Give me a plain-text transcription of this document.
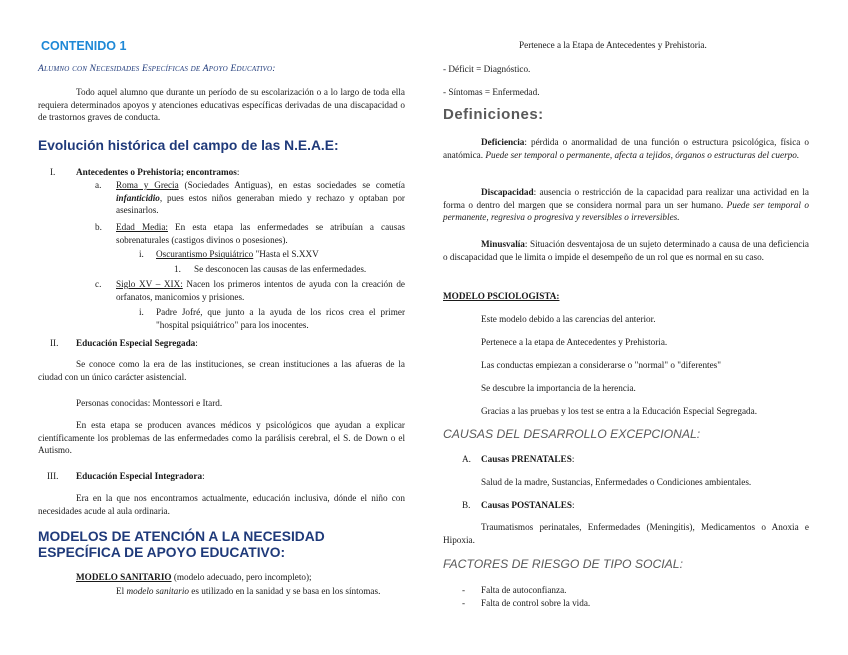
CONTENIDO 1
Alumno con Necesidades Específicas de Apoyo Educativo:

Todo aquel alumno que durante un período de su escolarización o a lo largo de toda ella requiera determinados apoyos y atenciones educativas específicas derivadas de una discapacidad o de trastornos graves de conducta.

Evolución histórica del campo de las N.E.A.E:
I. Antecedentes o Prehistoria; encontramos:
a. Roma y Grecia (Sociedades Antiguas), en estas sociedades se cometía infanticidio, pues estos niños generaban miedo y rechazo y optaban por asesinarlos.

b. Edad Media: En esta etapa las enfermedades se atribuían a causas sobrenaturales (castigos divinos o posesiones).

i. Oscurantismo Psiquiátrico "Hasta el S.XXV

1. Se desconocen las causas de las enfermedades.

c. Siglo XV – XIX: Nacen los primeros intentos de ayuda con la creación de orfanatos, manicomios y prisiones.

i. Padre Jofré, que junto a la ayuda de los ricos crea el primer "hospital psiquiátrico" para los inocentes.

II. Educación Especial Segregada:

Se conoce como la era de las instituciones, se crean instituciones a las afueras de la ciudad con un único carácter asistencial.

Personas conocidas: Montessori e Itard.

En esta etapa se producen avances médicos y psicológicos que ayudan a explicar científicamente los problemas de las enfermedades como la parálisis cerebral, el S. de Down o el Autismo.

III. Educación Especial Integradora:

Era en la que nos encontramos actualmente, educación inclusiva, dónde el niño con necesidades acude al aula ordinaria.

MODELOS DE ATENCIÓN A LA NECESIDAD ESPECÍFICA DE APOYO EDUCATIVO:

MODELO SANITARIO (modelo adecuado, pero incompleto);

El modelo sanitario es utilizado en la sanidad y se basa en los síntomas.

Pertenece a la Etapa de Antecedentes y Prehistoria.

- Déficit = Diagnóstico.

- Síntomas = Enfermedad.

Definiciones:

Deficiencia: pérdida o anormalidad de una función o estructura psicológica, física o anatómica. Puede ser temporal o permanente, afecta a tejidos, órganos o estructuras del cuerpo.

Discapacidad: ausencia o restricción de la capacidad para realizar una actividad en la forma o dentro del margen que se considera normal para un ser humano. Puede ser temporal o permanente, regresiva o progresiva y reversibles o irreversibles.

Minusvalía: Situación desventajosa de un sujeto determinado a causa de una deficiencia o discapacidad que le limita o impide el desempeño de un rol que es normal en su caso.

MODELO PSCIOLOGISTA:

Este modelo debido a las carencias del anterior.

Pertenece a la etapa de Antecedentes y Prehistoria.

Las conductas empiezan a considerarse o "normal" o "diferentes"

Se descubre la importancia de la herencia.

Gracias a las pruebas y los test se entra a la Educación Especial Segregada.

CAUSAS DEL DESARROLLO EXCEPCIONAL:
A. Causas PRENATALES:

Salud de la madre, Sustancias, Enfermedades o Condiciones ambientales.

B. Causas POSTANALES:

Traumatismos perinatales, Enfermedades (Meningitis), Medicamentos o Anoxia e Hipoxia.

FACTORES DE RIESGO DE TIPO SOCIAL:
- Falta de autoconfianza.

- Falta de control sobre la vida.
